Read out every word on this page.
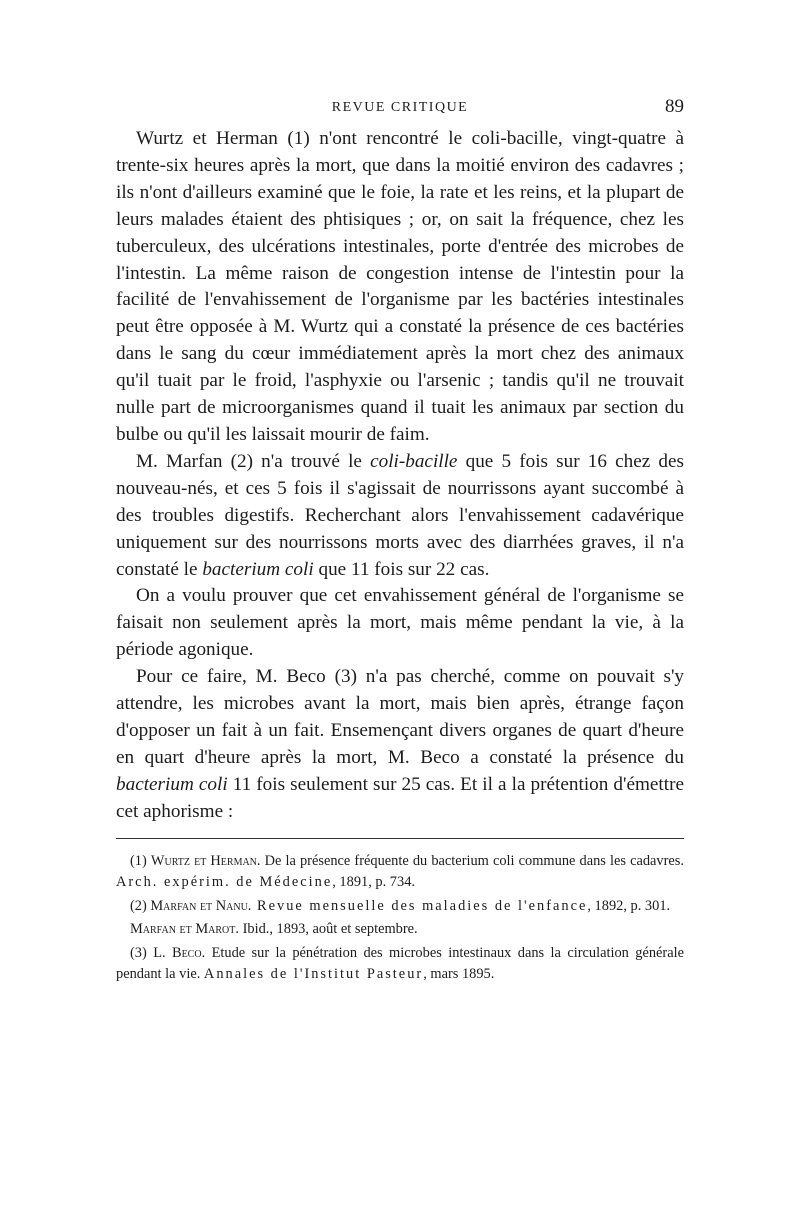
REVUE CRITIQUE	89

Wurtz et Herman (1) n'ont rencontré le coli-bacille, vingt-quatre à trente-six heures après la mort, que dans la moitié environ des cadavres ; ils n'ont d'ailleurs examiné que le foie, la rate et les reins, et la plupart de leurs malades étaient des phtisiques ; or, on sait la fréquence, chez les tuberculeux, des ulcérations intestinales, porte d'entrée des microbes de l'intestin. La même raison de congestion intense de l'intestin pour la facilité de l'envahissement de l'organisme par les bactéries intestinales peut être opposée à M. Wurtz qui a constaté la présence de ces bactéries dans le sang du cœur immédiatement après la mort chez des animaux qu'il tuait par le froid, l'asphyxie ou l'arsenic ; tandis qu'il ne trouvait nulle part de microorganismes quand il tuait les animaux par section du bulbe ou qu'il les laissait mourir de faim.

M. Marfan (2) n'a trouvé le coli-bacille que 5 fois sur 16 chez des nouveau-nés, et ces 5 fois il s'agissait de nourrissons ayant succombé à des troubles digestifs. Recherchant alors l'envahissement cadavérique uniquement sur des nourrissons morts avec des diarrhées graves, il n'a constaté le bacterium coli que 11 fois sur 22 cas.

On a voulu prouver que cet envahissement général de l'organisme se faisait non seulement après la mort, mais même pendant la vie, à la période agonique.

Pour ce faire, M. Beco (3) n'a pas cherché, comme on pouvait s'y attendre, les microbes avant la mort, mais bien après, étrange façon d'opposer un fait à un fait. Ensemençant divers organes de quart d'heure en quart d'heure après la mort, M. Beco a constaté la présence du bacterium coli 11 fois seulement sur 25 cas. Et il a la prétention d'émettre cet aphorisme :

(1) Wurtz et Herman. De la présence fréquente du bacterium coli commune dans les cadavres. Arch. expérim. de Médecine, 1891, p. 734.

(2) Marfan et Nanu. Revue mensuelle des maladies de l'enfance, 1892, p. 301.

Marfan et Marot. Ibid., 1893, août et septembre.

(3) L. Beco. Etude sur la pénétration des microbes intestinaux dans la circulation générale pendant la vie. Annales de l'Institut Pasteur, mars 1895.
